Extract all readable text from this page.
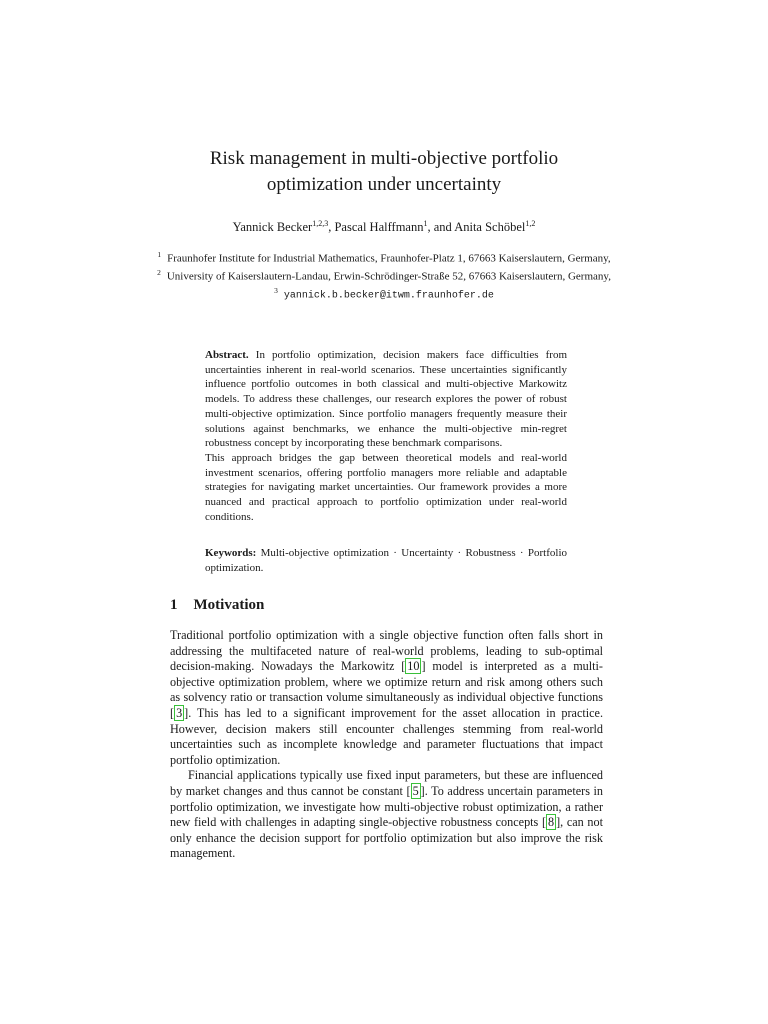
Risk management in multi-objective portfolio
optimization under uncertainty
Yannick Becker$^{1,2,3}$, Pascal Halffmann$^1$, and Anita Schöbel$^{1,2}$

$^1$ Fraunhofer Institute for Industrial Mathematics, Fraunhofer-Platz 1, 67663 Kaiserslautern, Germany,

$^2$ University of Kaiserslautern-Landau, Erwin-Schrödinger-Straße 52, 67663 Kaiserslautern, Germany,

$^3$yannick.b.becker@itwm.fraunhofer.de

Abstract. In portfolio optimization, decision makers face difficulties from uncertainties inherent in real-world scenarios. These uncertainties significantly influence portfolio outcomes in both classical and multi-objective Markowitz models. To address these challenges, our research explores the power of robust multi-objective optimization. Since portfolio managers frequently measure their solutions against benchmarks, we enhance the multi-objective min-regret robustness concept by incorporating these benchmark comparisons.

This approach bridges the gap between theoretical models and real-world investment scenarios, offering portfolio managers more reliable and adaptable strategies for navigating market uncertainties. Our framework provides a more nuanced and practical approach to portfolio optimization under real-world conditions.

Keywords: Multi-objective optimization · Uncertainty · Robustness · Portfolio optimization.
1 Motivation

Traditional portfolio optimization with a single objective function often falls short in addressing the multifaceted nature of real-world problems, leading to sub-optimal decision-making. Nowadays the Markowitz [ 10 ] model is interpreted as a multi-objective optimization problem, where we optimize return and risk among others such as solvency ratio or transaction volume simultaneously as individual objective functions [ 3 ]. This has led to a significant improvement for the asset allocation in practice. However, decision makers still encounter challenges stemming from real-world uncertainties such as incomplete knowledge and parameter fluctuations that impact portfolio optimization.

Financial applications typically use fixed input parameters, but these are influenced by market changes and thus cannot be constant [ 5 ]. To address uncertain parameters in portfolio optimization, we investigate how multi-objective robust optimization, a rather new field with challenges in adapting single-objective robustness concepts [ 8 ], can not only enhance the decision support for portfolio optimization but also improve the risk management.
